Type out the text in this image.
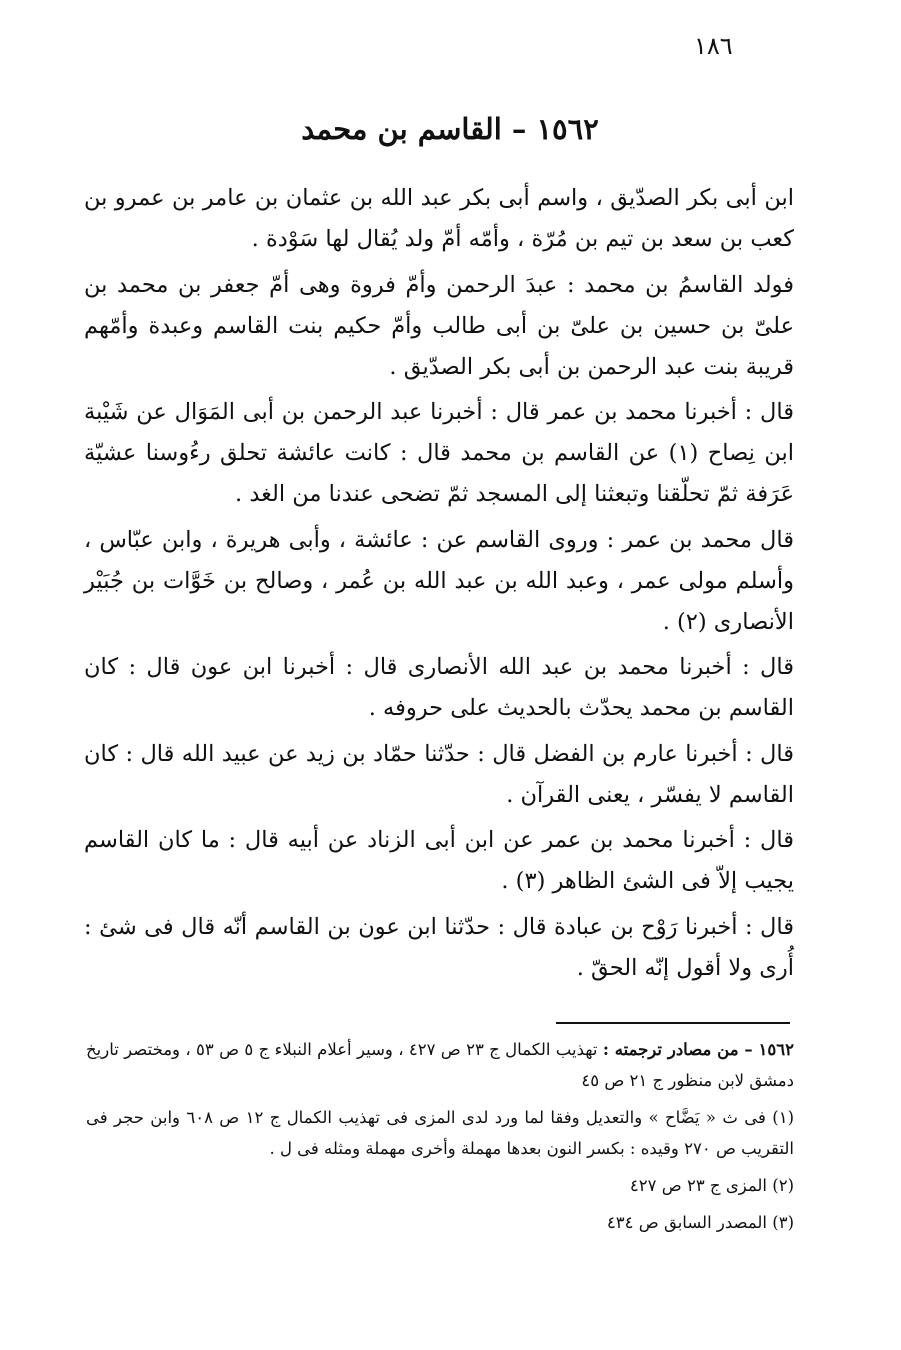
١٨٦
١٥٦٢ – القاسم بن محمد

ابن أبى بكر الصدّيق ، واسم أبى بكر عبد الله بن عثمان بن عامر بن عمرو بن كعب بن سعد بن تيم بن مُرّة ، وأمّه أمّ ولد يُقال لها سَوْدة .

فولد القاسمُ بن محمد : عبدَ الرحمن وأمّ فروة وهى أمّ جعفر بن محمد بن علىّ بن حسين بن علىّ بن أبى طالب وأمّ حكيم بنت القاسم وعبدة وأمّهم قريبة بنت عبد الرحمن بن أبى بكر الصدّيق .

قال : أخبرنا محمد بن عمر قال : أخبرنا عبد الرحمن بن أبى المَوَال عن شَيْبة ابن نِصاح (١) عن القاسم بن محمد قال : كانت عائشة تحلق رءُوسنا عشيّة عَرَفة ثمّ تحلّقنا وتبعثنا إلى المسجد ثمّ تضحى عندنا من الغد .

قال محمد بن عمر : وروى القاسم عن : عائشة ، وأبى هريرة ، وابن عبّاس ، وأسلم مولى عمر ، وعبد الله بن عبد الله بن عُمر ، وصالح بن خَوَّات بن جُبَيْر الأنصارى (٢) .

قال : أخبرنا محمد بن عبد الله الأنصارى قال : أخبرنا ابن عون قال : كان القاسم بن محمد يحدّث بالحديث على حروفه .

قال : أخبرنا عارم بن الفضل قال : حدّثنا حمّاد بن زيد عن عبيد الله قال : كان القاسم لا يفسّر ، يعنى القرآن .

قال : أخبرنا محمد بن عمر عن ابن أبى الزناد عن أبيه قال : ما كان القاسم يجيب إلاّ فى الشئ الظاهر (٣) .

قال : أخبرنا رَوْح بن عبادة قال : حدّثنا ابن عون بن القاسم أنّه قال فى شئ : أُرى ولا أقول إنّه الحقّ .

١٥٦٢ – من مصادر ترجمته : تهذيب الكمال ج ٢٣ ص ٤٢٧ ، وسير أعلام النبلاء ج ٥ ص ٥٣ ، ومختصر تاريخ دمشق لابن منظور ج ٢١ ص ٤٥

(١) فى ث « يَضَّاح » والتعديل وفقا لما ورد لدى المزى فى تهذيب الكمال ج ١٢ ص ٦٠٨ وابن حجر فى التقريب ص ٢٧٠ وقيده : بكسر النون بعدها مهملة وأخرى مهملة ومثله فى ل .

(٢) المزى ج ٢٣ ص ٤٢٧

(٣) المصدر السابق ص ٤٣٤
